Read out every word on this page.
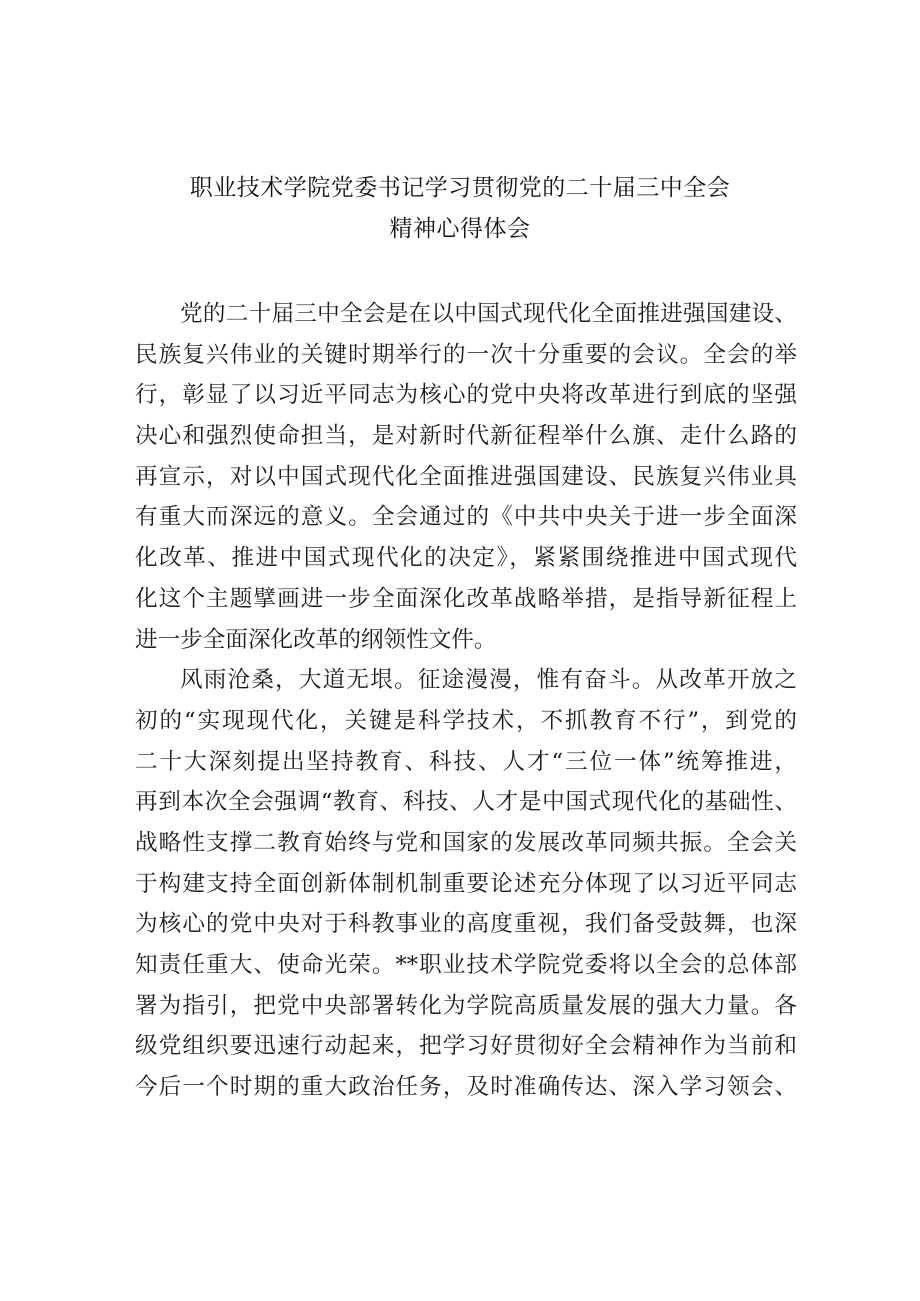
职业技术学院党委书记学习贯彻党的二十届三中全会
精神心得体会
党的二十届三中全会是在以中国式现代化全面推进强国建设、
民族复兴伟业的关键时期举行的一次十分重要的会议。全会的举
行，彰显了以习近平同志为核心的党中央将改革进行到底的坚强
决心和强烈使命担当，是对新时代新征程举什么旗、走什么路的
再宣示，对以中国式现代化全面推进强国建设、民族复兴伟业具
有重大而深远的意义。全会通过的《中共中央关于进一步全面深
化改革、推进中国式现代化的决定》，紧紧围绕推进中国式现代
化这个主题擘画进一步全面深化改革战略举措，是指导新征程上
进一步全面深化改革的纲领性文件。
风雨沧桑，大道无垠。征途漫漫，惟有奋斗。从改革开放之
初的“实现现代化，关键是科学技术，不抓教育不行”，到党的
二十大深刻提出坚持教育、科技、人才“三位一体”统筹推进，
再到本次全会强调“教育、科技、人才是中国式现代化的基础性、
战略性支撑二教育始终与党和国家的发展改革同频共振。全会关
于构建支持全面创新体制机制重要论述充分体现了以习近平同志
为核心的党中央对于科教事业的高度重视，我们备受鼓舞，也深
知责任重大、使命光荣。**职业技术学院党委将以全会的总体部
署为指引，把党中央部署转化为学院高质量发展的强大力量。各
级党组织要迅速行动起来，把学习好贯彻好全会精神作为当前和
今后一个时期的重大政治任务，及时准确传达、深入学习领会、
